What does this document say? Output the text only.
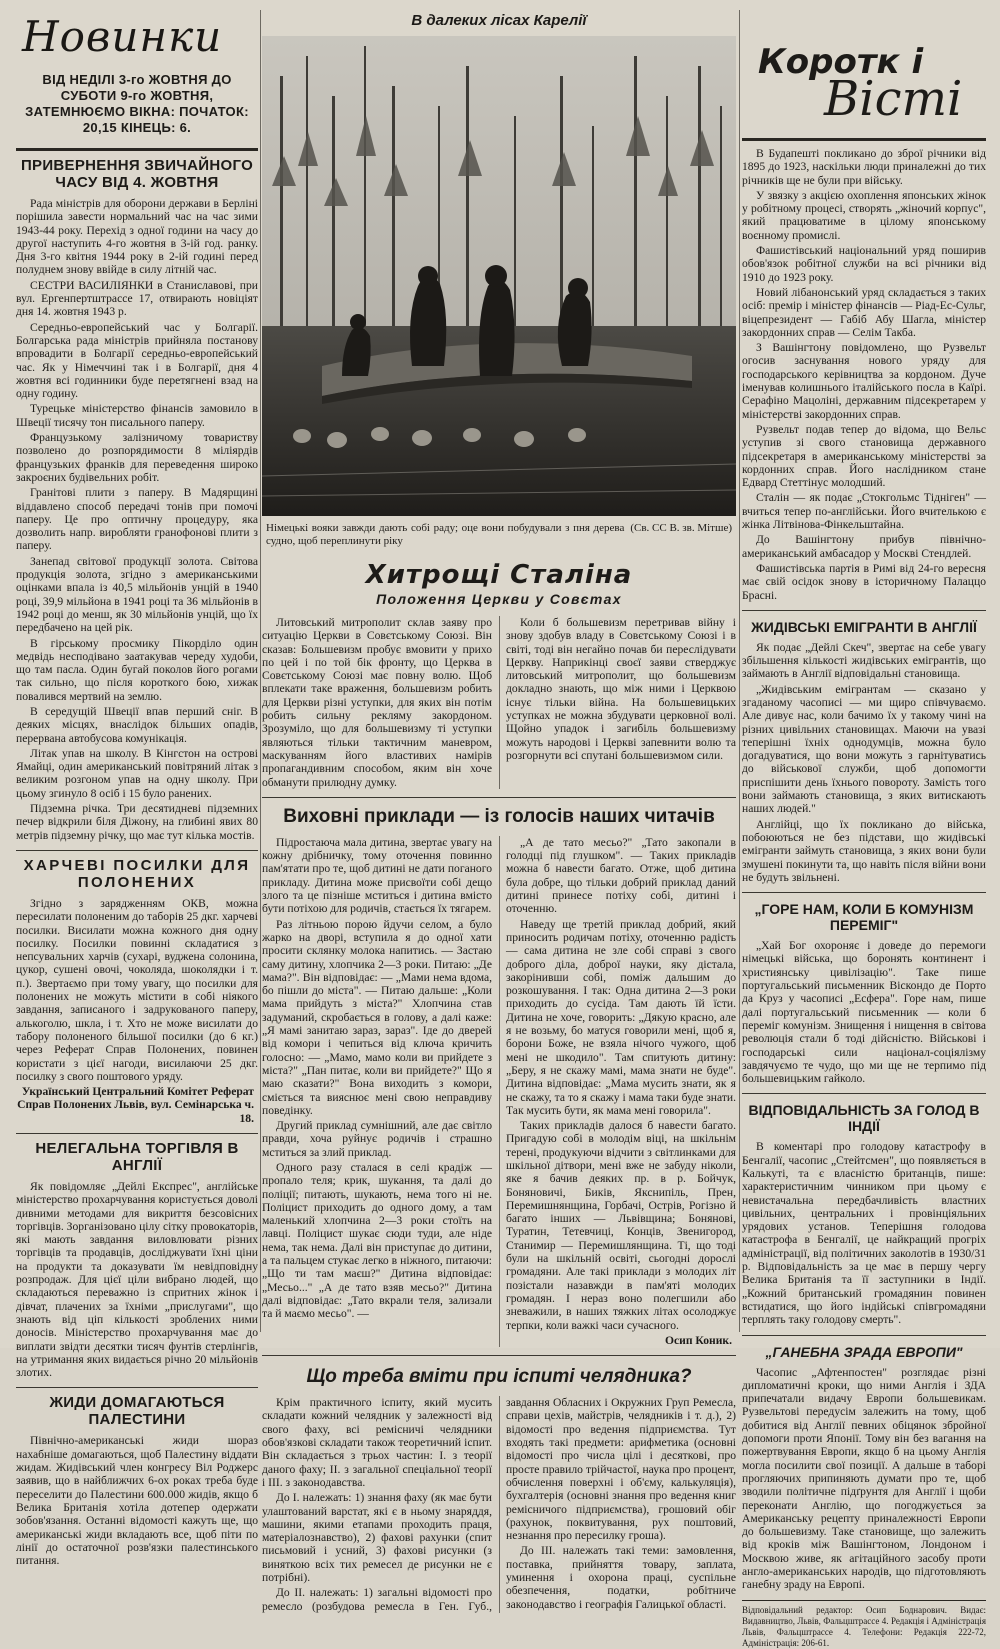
Новинки
ВІД НЕДІЛІ 3-го ЖОВТНЯ ДО СУБОТИ 9-го ЖОВТНЯ, ЗАТЕМНЮЄМО ВІКНА: ПОЧАТОК: 20,15 КІНЕЦЬ: 6.
ПРИВЕРНЕННЯ ЗВИЧАЙНОГО ЧАСУ ВІД 4. ЖОВТНЯ

Рада міністрів для оборони держави в Берліні порішила завести нормальний час на час зими 1943-44 року. Перехід з одної години на часу до другої наступить 4-го жовтня в 3-ій год. ранку. Дня 3-го квітня 1944 року в 2-ій годині перед полуднем знову ввійде в силу літній час.

СЕСТРИ ВАСИЛІЯНКИ в Станиславові, при вул. Ергенпертштрассе 17, отвирають новіціят дня 14. жовтня 1943 р.

Середньо-европейський час у Болгарії. Болгарська рада міністрів прийняла постанову впровадити в Болгарії середньо-европейський час. Як у Німеччині так і в Болгарії, дня 4 жовтня всі годинники буде перетягнені взад на одну годину.

Турецьке міністерство фінансів замовило в Швеції тисячу тон писального паперу.

Французькому залізничому товариству позволено до розпорядимости 8 міліярдів французьких франків для переведення широко закроєних будівельних робіт.

Гранітові плити з паперу. В Мадярщині віддавлено способ передачі тонів при помочі паперу. Це про оптичну процедуру, яка дозволить напр. виробляти гранофонові плити з паперу.

Занепад світової продукції золота. Світова продукція золота, згідно з американськими оцінками впала із 40,5 мільйонів унцій в 1940 році, 39,9 мільйона в 1941 році та 36 мільйонів в 1942 році до менш, як 30 мільйонів унцій, що їх передбачено на цей рік.

В гірському просмику Пікорділо один медвідь несподівано заатакував череду худоби, що там пасла. Один бугай поколов його рогами так сильно, що після короткого бою, хижак повалився мертвий на землю.

В середущій Швеції впав перший сніг. В деяких місцях, внаслідок більших опадів, перервана автобусова комунікація.

Літак упав на школу. В Кінгстон на острові Ямайці, один американський повітряний літак з великим розгоном упав на одну школу. При цьому згинуло 8 осіб і 15 було ранених.

Підземна річка. Три десятидневі підземних печер відкрили біля Діжону, на глибині явих 80 метрів підземну річку, що має тут кілька мостів.

ХАРЧЕВІ ПОСИЛКИ ДЛЯ ПОЛОНЕНИХ

Згідно з зарядженням ОКВ, можна пересилати полоненим до таборів 25 дкг. харчеві посилки. Висилати можна кожного дня одну посилку. Посилки повинні складатися з непсувальних харчів (сухарі, вуджена солонина, цукор, сушені овочі, чоколяда, шоколядки і т. п.). Звертаємо при тому увагу, що посилки для полонених не можуть містити в собі ніякого завдання, записаного і задрукованого паперу, алькоголю, шкла, і т. Хто не може висилати до табору полоненого більшої посилки (до 6 кг.) через Реферат Справ Полонених, повинен користати з цієї нагоди, висилаючи 25 дкг. посилку з свого поштового уряду.

Український Центральний Комітет Реферат Справ Полонених Львів, вул. Семінарська ч. 18.

НЕЛЕГАЛЬНА ТОРГІВЛЯ В АНГЛІЇ

Як повідомляє „Дейлі Експрес", англійське міністерство прохарчування користується доволі дивними методами для викриття безсовісних торгівців. Зорганізовано цілу сітку провокаторів, які мають завдання виловлювати різних торгівців та продавців, досліджувати їхні ціни на продукти та доказувати їм невідповідну розпродаж. Для цієї ціли вибрано людей, що складаються переважно із спритних жінок і дівчат, плачених за їхніми „прислугами", що знають від ціп кількості зроблених ними доносів. Міністерство прохарчування має до виплати звідти десятки тисяч фунтів стерлінгів, на утримання яких видається річно 20 мільйонів злотих.

ЖИДИ ДОМАГАЮТЬСЯ ПАЛЕСТИНИ

Північно-американські жиди шораз нахабніше домагаються, щоб Палестину віддати жидам. Жидівський член конгресу Віл Роджерс заявив, що в найближчих 6-ох роках треба буде переселити до Палестини 600.000 жидів, якщо б Велика Британія хотіла дотепер одержати зобов'язання. Останні відомості кажуть ще, що американські жиди вкладають все, щоб піти по лінії до остаточної розв'язки палестинського питання.

В далеких лісах Карелії
(Св. СС В. зв. Мітше)
Німецькі вояки завжди дають собі раду; оце вони побудували з пня дерева судно, щоб переплинути ріку
Хитрощі Сталіна
Положення Церкви у Совєтах

Литовський митрополит склав заяву про ситуацію Церкви в Совєтському Союзі. Він сказав: Большевизм пробує вмовити у прихо по цей і по той бік фронту, що Церква в Совєтському Союзі має повну волю. Щоб вплекати таке враження, большевизм робить для Церкви різні уступки, для яких він потім робить сильну рекляму закордоном. Зрозуміло, що для большевизму ті уступки являються тільки тактичним маневром, маскуванням його властивих намірів пропагандивним способом, яким він хоче обманути прилюдну думку.

Коли б большевизм перетривав війну і знову здобув владу в Совєтському Союзі і в світі, тоді він негайно почав би переслідувати Церкву. Наприкінці своєї заяви стверджує литовський митрополит, що большевизм докладно знають, що між ними і Церквою існує тільки війна. На большевицьких уступках не можна збудувати церковної волі. Щойно упадок і загибіль большевизму можуть народові і Церкві запевнити волю та розгорнути всі спутані большевизмом сили.

Виховні приклади — із голосів наших читачів

Підростаюча мала дитина, звертає увагу на кожну дрібничку, тому оточення повинно пам'ятати про те, щоб дитині не дати поганого прикладу. Дитина може присвоїти собі дещо злого та це пізніше мститься і дитина вмісто бути потіхою для родичів, стається їх тягарем.

Раз літньою порою йдучи селом, а було жарко на дворі, вступила я до одної хати просити склянку молока напитись. — Застаю саму дитину, хлопчика 2—3 роки. Питаю: „Де мама?". Він відповідає: — „Мами нема вдома, бо пішли до міста". — Питаю дальше: „Коли мама прийдуть з міста?" Хлопчина став задуманий, скробається в голову, а далі каже: „Я мамі занитаю зараз, зараз". Іде до дверей від комори і чепиться від ключа кричить голосно: — „Мамо, мамо коли ви прийдете з міста?" „Пан питає, коли ви прийдете?" Що я маю сказати?" Вона виходить з комори, сміється та вияснює мені свою неправдиву поведінку.

Другий приклад сумнішний, але дає світло правди, хоча руйнує родичів і страшно мститься за злий приклад.

Одного разу сталася в селі крадіж — пропало теля; крик, шукання, та далі до поліції; питають, шукають, нема того ні не. Поліцист приходить до одного дому, а там маленький хлопчина 2—3 роки стоїть на лавці. Поліцист шукає сюди туди, але ніде нема, так нема. Далі він приступає до дитини, а та пальцем стукає легко в ніжного, питаючи: „Що ти там маєш?" Дитина відповідає: „Месьо..." „А де тато взяв месьо?" Дитина далі відповідає: „Тато вкрали теля, зализали та й маємо месьо". —

„А де тато месьо?" „Тато закопали в голодці під глушком". — Таких прикладів можна б навести багато. Отже, щоб дитина була добре, що тільки добрий приклад даний дитині принесе потіху собі, дитині і оточенню.

Наведу ще третій приклад добрий, який приносить родичам потіху, оточенню радість — сама дитина не зле собі справі з свого доброго діла, доброї науки, яку дістала, закорінивши собі, поміж дальшим до розкошування. І так: Одна дитина 2—3 роки приходить до сусіда. Там дають їй їсти. Дитина не хоче, говорить: „Дякую красно, але я не возьму, бо матуся говорили мені, щоб я, борони Боже, не взяла нічого чужого, щоб мені не шкодило". Там спитують дитину: „Беру, я не скажу мамі, мама знати не буде". Дитина відповідає: „Мама мусить знати, як я не скажу, та то я скажу і мама таки буде знати. Так мусить бути, як мама мені говорила".

Таких прикладів далося б навести багато. Пригадую собі в молодім віці, на шкільнім терені, продукуючи відчити з світлинками для шкільної дітвори, мені вже не забуду ніколи, яке я бачив деяких пр. в р. Бойчук, Боняновичі, Биків, Якснипіль, Прен, Перемишнянщина, Горбачі, Острів, Рогізно й багато інших — Львівщина; Бонянові, Туратин, Тетевчиці, Конців, Звенигород, Станимир — Перемишлянщина. Ті, що тоді були на шкільній освіті, сьогодні дорослі громадяни. Але такі приклади з молодих літ позістали назавжди в пам'яті молодих громадян. І нераз воно полегшили або зневажили, в наших тяжких літах осолоджує терпки, коли важкі часи сучасного.

Осип Коник.

Що треба вміти при іспиті челядника?

Крім практичного іспиту, який мусить складати кожний челядник у залежності від свого фаху, всі ремісничі челядники обов'язкові складати також теоретичний іспит. Він складається з трьох частин: І. з теорії даного фаху; II. з загальної спеціальної теорії і III. з законодавства.

До І. належать: 1) знання фаху (як має бути улаштований варстат, які є в ньому знаряддя, машини, якими етапами проходить праця, матеріалознавство), 2) фахові рахунки (спит письмовий і усний, 3) фахові рисунки (з виняткою всіх тих ремесел де рисунки не є потрібні).

До ІІ. належать: 1) загальні відомості про ремесло (розбудова ремесла в Ген. Губ., завдання Обласних і Окружних Груп Ремесла, справи цехів, майстрів, челядників і т. д.), 2) відомості про ведення підприємства. Тут входять такі предмети: арифметика (основні відомості про числа цілі і десяткові, про просте правило трійчастої, наука про процент, обчислення поверхні і об'єму, калькуляція), бухгалтерія (основні знання про ведення книг ремісничого підприємства), грошовий обіг (рахунок, поквитування, рух поштовий, незнання про пересилку гроша).

До ІІІ. належать такі теми: замовлення, поставка, прийняття товару, заплата, уминення і охорона праці, суспільне обезпечення, податки, робітниче законодавство і географія Галицької області.

Коротк і
Вісті

В Будапешті покликано до зброї річники від 1895 до 1923, наскільки люди приналежні до тих річників ще не були при війську.

У звязку з акцією охоплення японських жінок у робітному процесі, створять „жіночий корпус", який працюватиме в цілому японському воєнному промислі.

Фашистівський національний уряд поширив обов'язок робітної служби на всі річники від 1910 до 1923 року.

Новий лібанонський уряд складається з таких осіб: премір і міністер фінансів — Ріад-Ес-Сульг, віцепрезидент — Габіб Абу Шагла, міністер закордонних справ — Селім Такба.

З Вашінгтону повідомлено, що Рузвельт огосив заснування нового уряду для господарського керівництва за кордоном. Дуче іменував колишнього італійського посла в Каїрі. Серафіно Мацоліні, державним підсекретарем у міністерстві закордонних справ.

Рузвельт подав тепер до відома, що Вельс уступив зі свого становища державного підсекретаря в американському міністерстві за кордонних справ. Його наслідником стане Едвард Стеттінус молодший.

Сталін — як подає „Стокгольмс Тідніген" — вчиться тепер по-англійськи. Його вчителькою є жінка Літвінова-Фінкельштайна.

До Вашінгтону прибув північно-американський амбасадор у Москві Стендлей.

Фашистівська партія в Римі від 24-го вересня має свій осідок знову в історичному Палаццо Брасні.

ЖИДІВСЬКІ ЕМІГРАНТИ В АНГЛІЇ

Як подає „Дейлі Скеч", звертає на себе увагу збільшення кількості жидівських емігрантів, що займають в Англії відповідальні становища.

„Жидівським емігрантам — сказано у згаданому часописі — ми щиро співчуваємо. Але дивує нас, коли бачимо їх у такому чині на різних цивільних становищах. Маючи на увазі теперішні їхніх однодумців, можна було догадуватися, що вони можуть з гарнітуватись до військової служби, щоб допомогти приспішити день їхнього повороту. Замість того вони займають становища, з яких витискають наших людей."

Англійці, що їх покликано до війська, побоюються не без підстави, що жидівські емігранти займуть становища, з яких вони були змушені покинути та, що навіть після війни вони не будуть звільнені.

„ГОРЕ НАМ, КОЛИ Б КОМУНІЗМ ПЕРЕМІГ"

„Хай Бог охороняє і доведе до перемоги німецькі війська, що боронять континент і християнську цивілізацію". Таке пише португальський письменник Віскондо де Порто да Круз у часописі „Есфера". Горе нам, пише далі португальський письменник — коли б переміг комунізм. Знищення і нищення в світова революція стали б тоді дійсністю. Військові і господарські сили націонал-соціялізму завдячуємо те чудо, що ми ще не терпимо під большевицьким гайколо.

ВІДПОВІДАЛЬНІСТЬ ЗА ГОЛОД В ІНДІЇ

В коментарі про голодову катастрофу в Бенгалії, часопис „Стейтсмен", що появляється в Калькуті, та є власністю британців, пише: характеристичним чинником при цьому є невистачальна передбачливість властних цивільних, центральних і провінціяльних урядових установ. Теперішня голодова катастрофа в Бенгалії, це найкращий прогріх адміністрації, від політичних заколотів в 1930/31 р. Відповідальність за це має в першу чергу Велика Британія та її заступники в Індії. „Кожний британський громадянин повинен встидатися, що його індійські співгромадяни терплять таку голодову смерть".

„ГАНЕБНА ЗРАДА ЕВРОПИ"

Часопис „Афтенпостен" розглядає різні дипломатичні кроки, що ними Англія і ЗДА припечатали видачу Европи большевикам. Рузвельтові передусім залежить на тому, щоб добитися від Англії певних обіцянок збройної допомоги проти Японії. Тому він без вагання на пожертвування Европи, якщо б на цьому Англія могла посилити свої позиції. А дальше в таборі прогляючих припиняють думати про те, щоб зводили політичне підґрунтя для Англії і щоби переконати Англію, що погоджується за Американську рецепту приналежності Европи до большевизму. Таке становище, що залежить від кроків між Вашінгтоном, Лондоном і Москвою живе, як агітаційного засобу проти англо-американських народів, що підготовляють ганебну зраду на Европі.

Відповідальний редактор: Осип Боднарович. Видає: Видавництво, Львів, Фальцштрассе 4. Редакція і Адміністрація Львів, Фальцштрассе 4. Телефони: Редакція 222-72, Адміністрація: 206-61.
